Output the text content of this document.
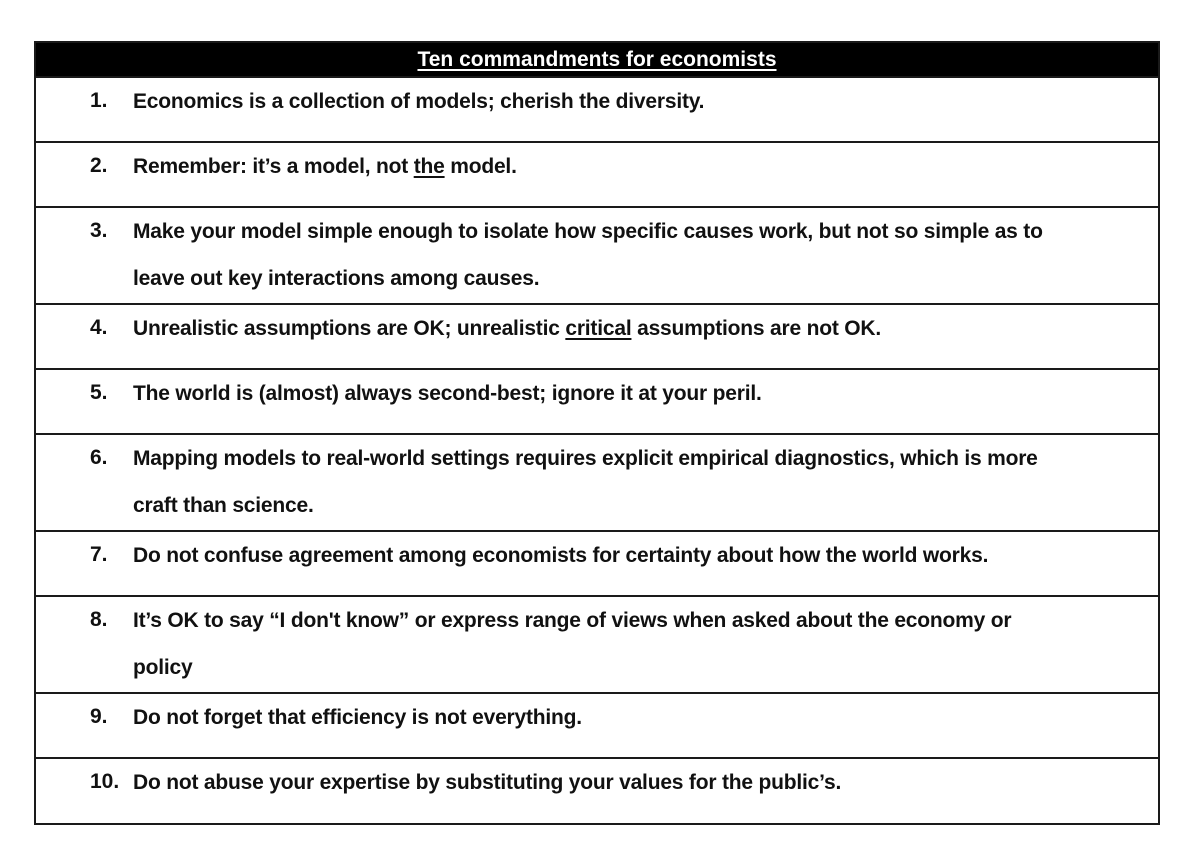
Ten commandments for economists
1. Economics is a collection of models; cherish the diversity.
2. Remember: it’s a model, not the model.
3. Make your model simple enough to isolate how specific causes work, but not so simple as to
leave out key interactions among causes.
4. Unrealistic assumptions are OK; unrealistic critical assumptions are not OK.
5. The world is (almost) always second-best; ignore it at your peril.
6. Mapping models to real-world settings requires explicit empirical diagnostics, which is more
craft than science.
7. Do not confuse agreement among economists for certainty about how the world works.
8. It’s OK to say “I don't know” or express range of views when asked about the economy or
policy
9. Do not forget that efficiency is not everything.
10. Do not abuse your expertise by substituting your values for the public’s.
